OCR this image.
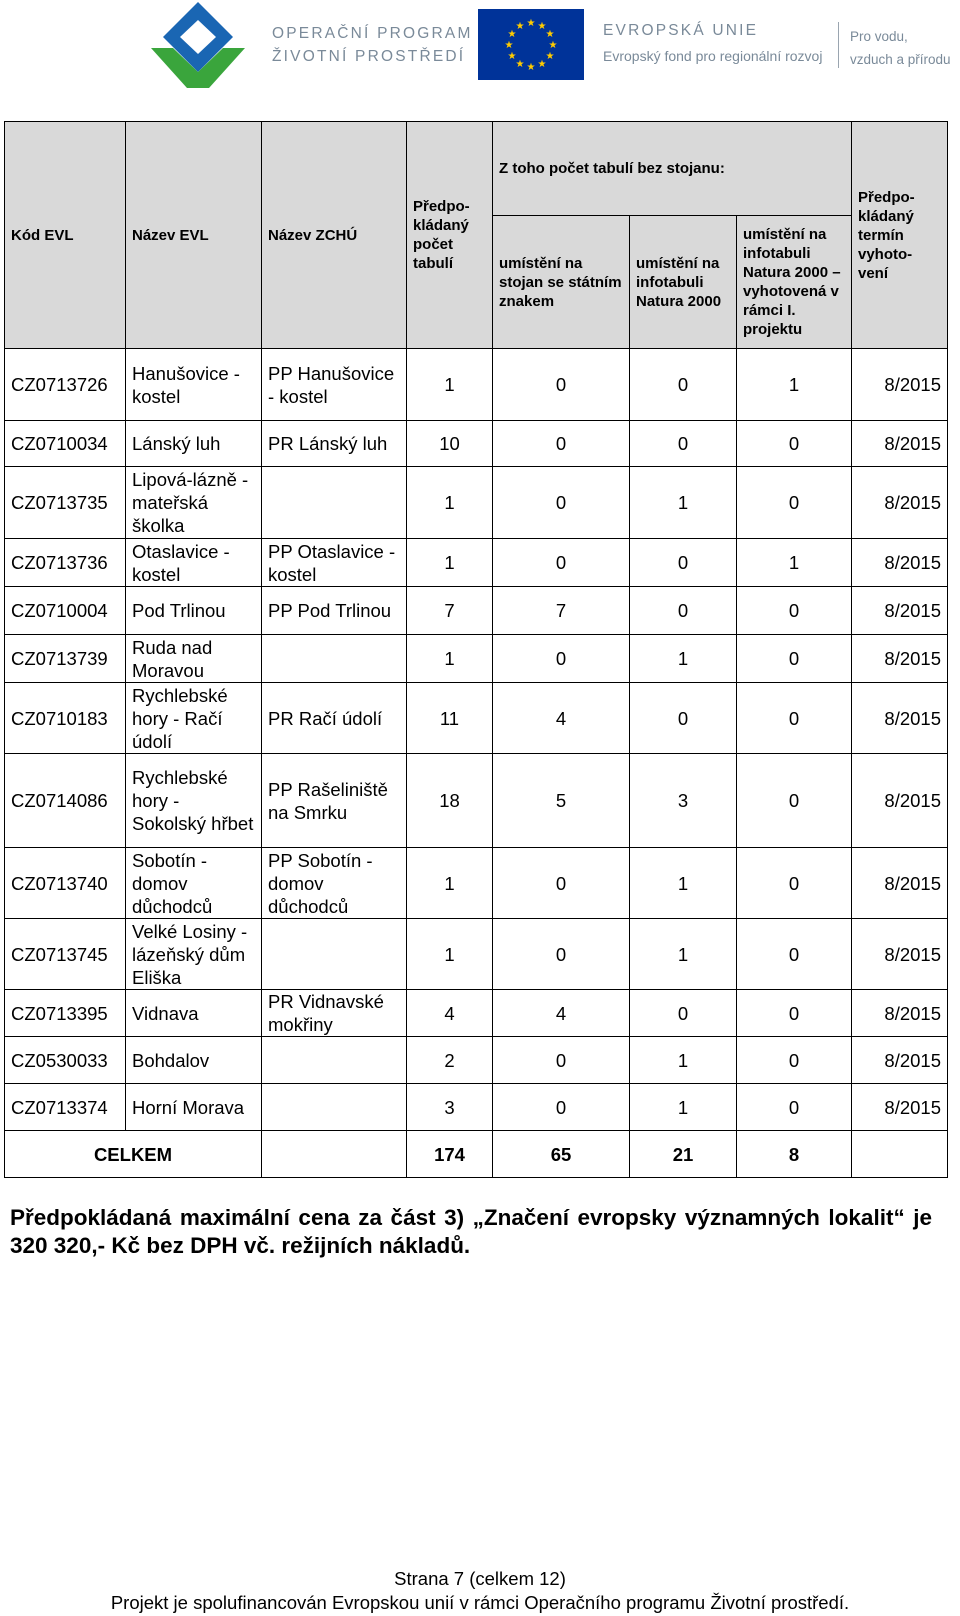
OPERAČNÍ PROGRAM
ŽIVOTNÍ PROSTŘEDÍ
★ ★
★
★
★
★
★
★
★
★
★
★	EVROPSKÁ UNIE
Evropský fond pro regionální rozvoj
Pro vodu,
vzduch a přírodu
Kód EVL	Název EVL	Název ZCHÚ	Předpo-kládaný počet tabulí	Z toho počet tabulí bez stojanu:			Předpo-kládaný termín vyhoto-vení
				umístění na stojan se státním znakem	umístění na infotabuli Natura 2000	umístění na infotabuli Natura 2000 – vyhotovená v rámci I. projektu	
CZ0713726	Hanušovice - kostel	PP Hanušovice - kostel	1	0	0	1	8/2015
CZ0710034	Lánský luh	PR Lánský luh	10	0	0	0	8/2015
CZ0713735	Lipová-lázně - mateřská školka		1	0	1	0	8/2015
CZ0713736	Otaslavice - kostel	PP Otaslavice - kostel	1	0	0	1	8/2015
CZ0710004	Pod Trlinou	PP Pod Trlinou	7	7	0	0	8/2015
CZ0713739	Ruda nad Moravou		1	0	1	0	8/2015
CZ0710183	Rychlebské hory - Račí údolí	PR Račí údolí	11	4	0	0	8/2015
CZ0714086	Rychlebské hory - Sokolský hřbet	PP Rašeliniště na Smrku	18	5	3	0	8/2015
CZ0713740	Sobotín - domov důchodců	PP Sobotín - domov důchodců	1	0	1	0	8/2015
CZ0713745	Velké Losiny - lázeňský dům Eliška		1	0	1	0	8/2015
CZ0713395	Vidnava	PR Vidnavské mokřiny	4	4	0	0	8/2015
CZ0530033	Bohdalov		2	0	1	0	8/2015
CZ0713374	Horní Morava		3	0	1	0	8/2015
CELKEM			174	65	21	8	
Předpokládaná maximální cena za část 3) „Značení evropsky významných lokalit“ je 320 320,- Kč bez DPH vč. režijních nákladů.
Strana 7 (celkem 12)
Projekt je spolufinancován Evropskou unií v rámci Operačního programu Životní prostředí.
